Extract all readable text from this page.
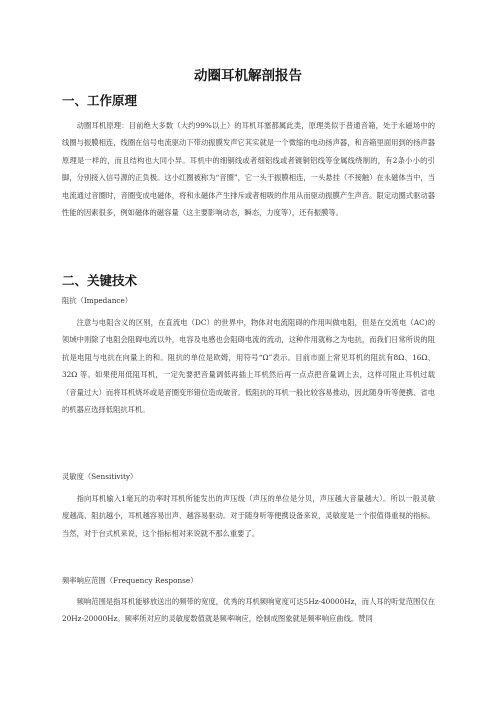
动圈耳机解剖报告
一、工作原理

动圈耳机原理：目前绝大多数（大约99%以上）的耳机耳塞都属此类，原理类似于普通音箱，处于永磁场中的线圈与振膜相连，线圈在信号电流驱动下带动振膜发声它其实就是一个微缩的电动扬声器，和音箱里面用到的扬声器原理是一样的，而且结构也大同小异。耳机中的细铜线或者细铝线或者镀铜铝线等金属线绕制的，有2条小小的引脚，分别接入信号源的正负极。这小红圈被称为“音圈”，它一头于振膜相连，一头悬挂（不接触）在永磁体当中，当电流通过音圈时，音圈变成电磁体，将和永磁体产生排斥或者相吸的作用从而驱动振膜产生声音。限定动圈式驱动器性能的因素很多，例如磁体的磁容量（这主要影响动态，瞬态，力度等），还有振膜等。

二、关键技术
阻抗（Impedance）

注意与电阻含义的区别，在直流电（DC）的世界中，物体对电流阻碍的作用叫做电阻，但是在交流电（AC)的领域中则除了电阻会阻碍电流以外，电容及电感也会阻碍电流的流动，这种作用就称之为电抗，而我们日常所说的阻抗是电阻与电抗在向量上的和。阻抗的单位是欧姆，用符号“Ω”表示。目前市面上常见耳机的阻抗有8Ω、16Ω、32Ω 等。如果使用低阻耳机，一定先要把音量调低再插上耳机然后再一点点把音量调上去，这样可阻止耳机过载（音量过大）而将耳机烧坏或是音圈变形错位造成破音。低阻抗的耳机一般比较容易推动，因此随身听等便携、省电的机器应选择低阻抗耳机。

灵敏度（Sensitivity）

指向耳机输入1毫瓦的功率时耳机所能发出的声压级（声压的单位是分贝，声压越大音量越大）。所以一般灵敏度越高、阻抗越小，耳机越容易出声、越容易驱动。对于随身听等便携设备来说，灵敏度是一个很值得重视的指标。当然，对于台式机来说，这个指标相对来说就不那么重要了。

频率响应范围（Frequency Response）

频响范围是指耳机能够放送出的频带的宽度，优秀的耳机频响宽度可达5Hz-40000Hz，而人耳的听觉范围仅在 20Hz-20000Hz。频率所对应的灵敏度数值就是频率响应，绘制成图象就是频率响应曲线。赞同
